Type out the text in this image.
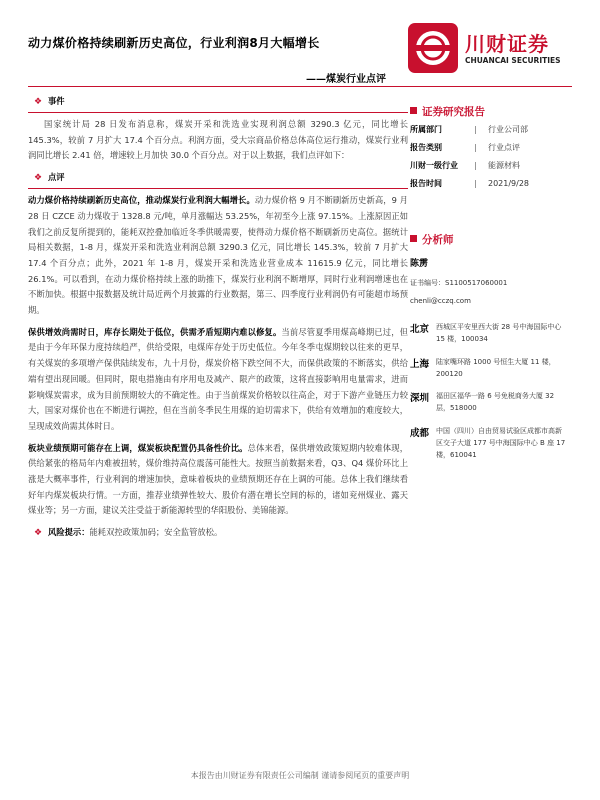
动力煤价格持续刷新历史高位，行业利润8月大幅增长
——煤炭行业点评
川财证券
CHUANCAI SECURITIES
❖ 事件
国家统计局 28 日发布消息称，煤炭开采和洗选业实现利润总额 3290.3 亿元，同比增长 145.3%，较前 7 月扩大 17.4 个百分点。利润方面，受大宗商品价格总体高位运行推动，煤炭行业利润同比增长 2.41 倍，增速较上月加快 30.0 个百分点。对于以上数据，我们点评如下：
❖ 点评
动力煤价格持续刷新历史高位，推动煤炭行业利润大幅增长。动力煤价格 9 月不断刷新历史新高，9 月 28 日 CZCE 动力煤收于 1328.8 元/吨，单月涨幅达 53.25%，年初至今上涨 97.15%。上涨原因正如我们之前反复所提到的，能耗双控叠加临近冬季供暖需要，使得动力煤价格不断刷新历史高位。据统计局相关数据，1-8 月，煤炭开采和洗选业利润总额 3290.3 亿元，同比增长 145.3%，较前 7 月扩大 17.4 个百分点；此外，2021 年 1-8 月，煤炭开采和洗选业营业成本 11615.9 亿元，同比增长 26.1%。可以看到，在动力煤价格持续上涨的助推下，煤炭行业利润不断增厚，同时行业利润增速也在不断加快。根据中报数据及统计局近两个月披露的行业数据，第三、四季度行业利润仍有可能超市场预期。
保供增效尚需时日，库存长期处于低位，供需矛盾短期内难以修复。当前尽管夏季用煤高峰期已过，但是由于今年环保力度持续趋严，供给受限，电煤库存处于历史低位。今年冬季屯煤期较以往来的更早，有关煤炭的多项增产保供陆续发布，九十月份，煤炭价格下跌空间不大，而保供政策的不断落实，供给端有望出现回暖。但同时，限电措施由有序用电及减产、限产的政策，这将直接影响用电量需求，进而影响煤炭需求，成为目前预期较大的不确定性。由于当前煤炭价格较以往高企，对于下游产业链压力较大，国家对煤价也在不断进行调控，但在当前冬季民生用煤的迫切需求下，供给有效增加的难度较大，呈现成效尚需其体时日。
板块业绩预期可能存在上调，煤炭板块配置仍具备性价比。总体来看，保供增效政策短期内较难体现，供给紧张的格局年内难被扭转，煤价维持高位震荡可能性大。按照当前数据来看，Q3、Q4 煤价环比上涨是大概率事件，行业利润的增速加快，意味着板块的业绩预期还存在上调的可能。总体上我们继续看好年内煤炭板块行情。一方面，推荐业绩弹性较大、股价有潜在增长空间的标的，诸如兖州煤业、露天煤业等；另一方面，建议关注受益于新能源转型的华阳股份、美锦能源。
❖ 风险提示：能耗双控政策加码；安全监管放松。
证券研究报告
所属部门	|	行业公司部
报告类别	|	行业点评
川财一级行业	|	能源材料
报告时间	|	2021/9/28
分析师
陈雳
证书编号：S1100517060001
chenli@cczq.com
北京 西城区平安里西大街 28 号中海国际中心 15 楼，100034
上海 陆家嘴环路 1000 号恒生大厦 11 楼，200120
深圳 福田区福华一路 6 号免税商务大厦 32 层，518000
成都 中国（四川）自由贸易试验区成都市高新区交子大道 177 号中海国际中心 B 座 17 楼，610041
本报告由川财证券有限责任公司编制 谨请参阅尾页的重要声明
